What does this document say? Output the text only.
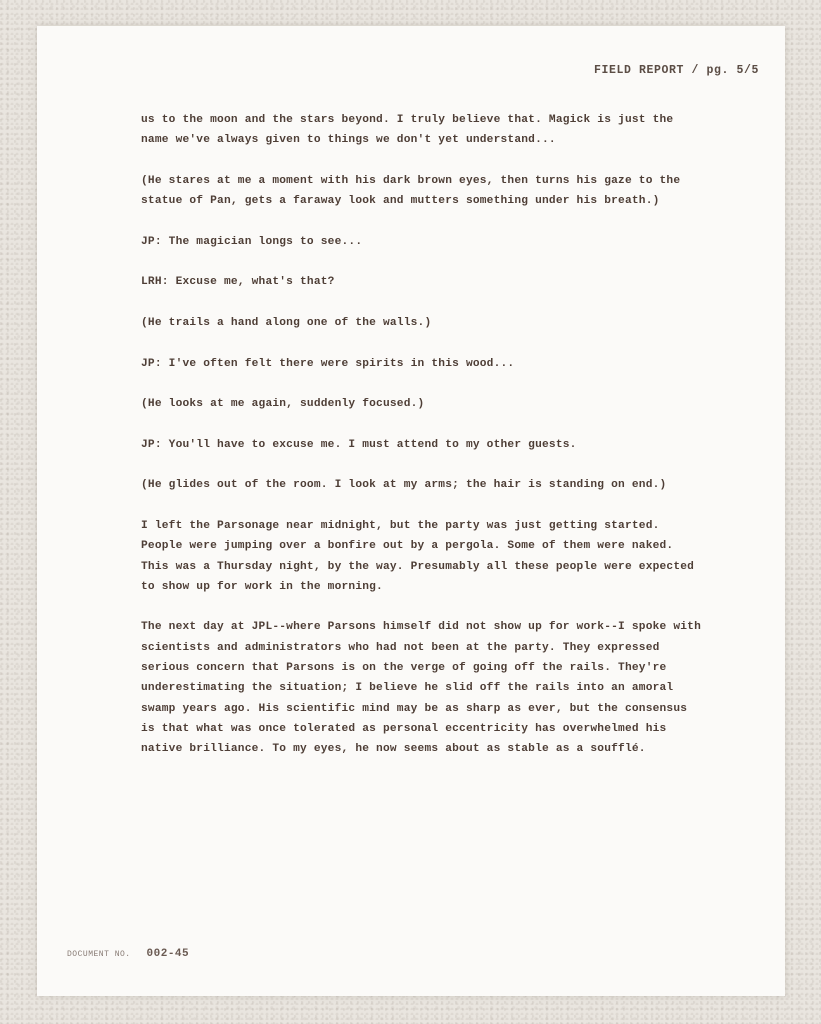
FIELD REPORT / pg. 5/5

us to the moon and the stars beyond. I truly believe that. Magick is just the name we've always given to things we don't yet understand...

(He stares at me a moment with his dark brown eyes, then turns his gaze to the statue of Pan, gets a faraway look and mutters something under his breath.)

JP: The magician longs to see...

LRH: Excuse me, what's that?

(He trails a hand along one of the walls.)

JP: I've often felt there were spirits in this wood...

(He looks at me again, suddenly focused.)

JP: You'll have to excuse me. I must attend to my other guests.

(He glides out of the room. I look at my arms; the hair is standing on end.)

I left the Parsonage near midnight, but the party was just getting started. People were jumping over a bonfire out by a pergola. Some of them were naked. This was a Thursday night, by the way. Presumably all these people were expected to show up for work in the morning.

The next day at JPL--where Parsons himself did not show up for work--I spoke with scientists and administrators who had not been at the party. They expressed serious concern that Parsons is on the verge of going off the rails. They're underestimating the situation; I believe he slid off the rails into an amoral swamp years ago. His scientific mind may be as sharp as ever, but the consensus is that what was once tolerated as personal eccentricity has overwhelmed his native brilliance. To my eyes, he now seems about as stable as a soufflé.

DOCUMENT NO. 002-45
